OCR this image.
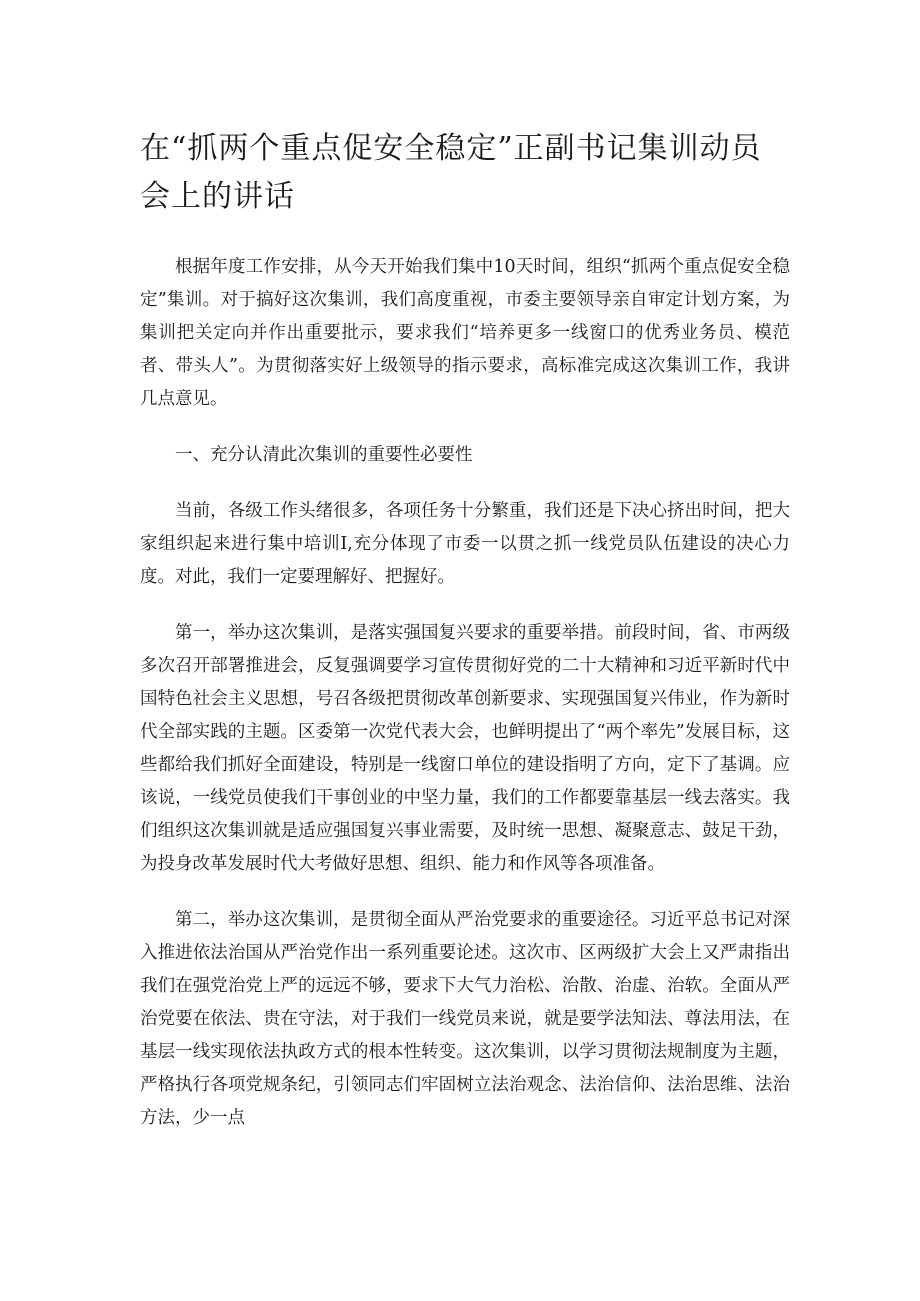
在“抓两个重点促安全稳定”正副书记集训动员会上的讲话

根据年度工作安排，从今天开始我们集中10天时间，组织“抓两个重点促安全稳定”集训。对于搞好这次集训，我们高度重视，市委主要领导亲自审定计划方案，为集训把关定向并作出重要批示，要求我们“培养更多一线窗口的优秀业务员、模范者、带头人”。为贯彻落实好上级领导的指示要求，高标准完成这次集训工作，我讲几点意见。

一、充分认清此次集训的重要性必要性

当前，各级工作头绪很多，各项任务十分繁重，我们还是下决心挤出时间，把大家组织起来进行集中培训I,充分体现了市委一以贯之抓一线党员队伍建设的决心力度。对此，我们一定要理解好、把握好。

第一，举办这次集训，是落实强国复兴要求的重要举措。前段时间，省、市两级多次召开部署推进会，反复强调要学习宣传贯彻好党的二十大精神和习近平新时代中国特色社会主义思想，号召各级把贯彻改革创新要求、实现强国复兴伟业，作为新时代全部实践的主题。区委第一次党代表大会，也鲜明提出了“两个率先”发展目标，这些都给我们抓好全面建设，特别是一线窗口单位的建设指明了方向，定下了基调。应该说，一线党员使我们干事创业的中坚力量，我们的工作都要靠基层一线去落实。我们组织这次集训就是适应强国复兴事业需要，及时统一思想、凝聚意志、鼓足干劲，为投身改革发展时代大考做好思想、组织、能力和作风等各项准备。

第二，举办这次集训，是贯彻全面从严治党要求的重要途径。习近平总书记对深入推进依法治国从严治党作出一系列重要论述。这次市、区两级扩大会上又严肃指出我们在强党治党上严的远远不够，要求下大气力治松、治散、治虚、治软。全面从严治党要在依法、贵在守法，对于我们一线党员来说，就是要学法知法、尊法用法，在基层一线实现依法执政方式的根本性转变。这次集训，以学习贯彻法规制度为主题，严格执行各项党规条纪，引领同志们牢固树立法治观念、法治信仰、法治思维、法治方法，少一点
